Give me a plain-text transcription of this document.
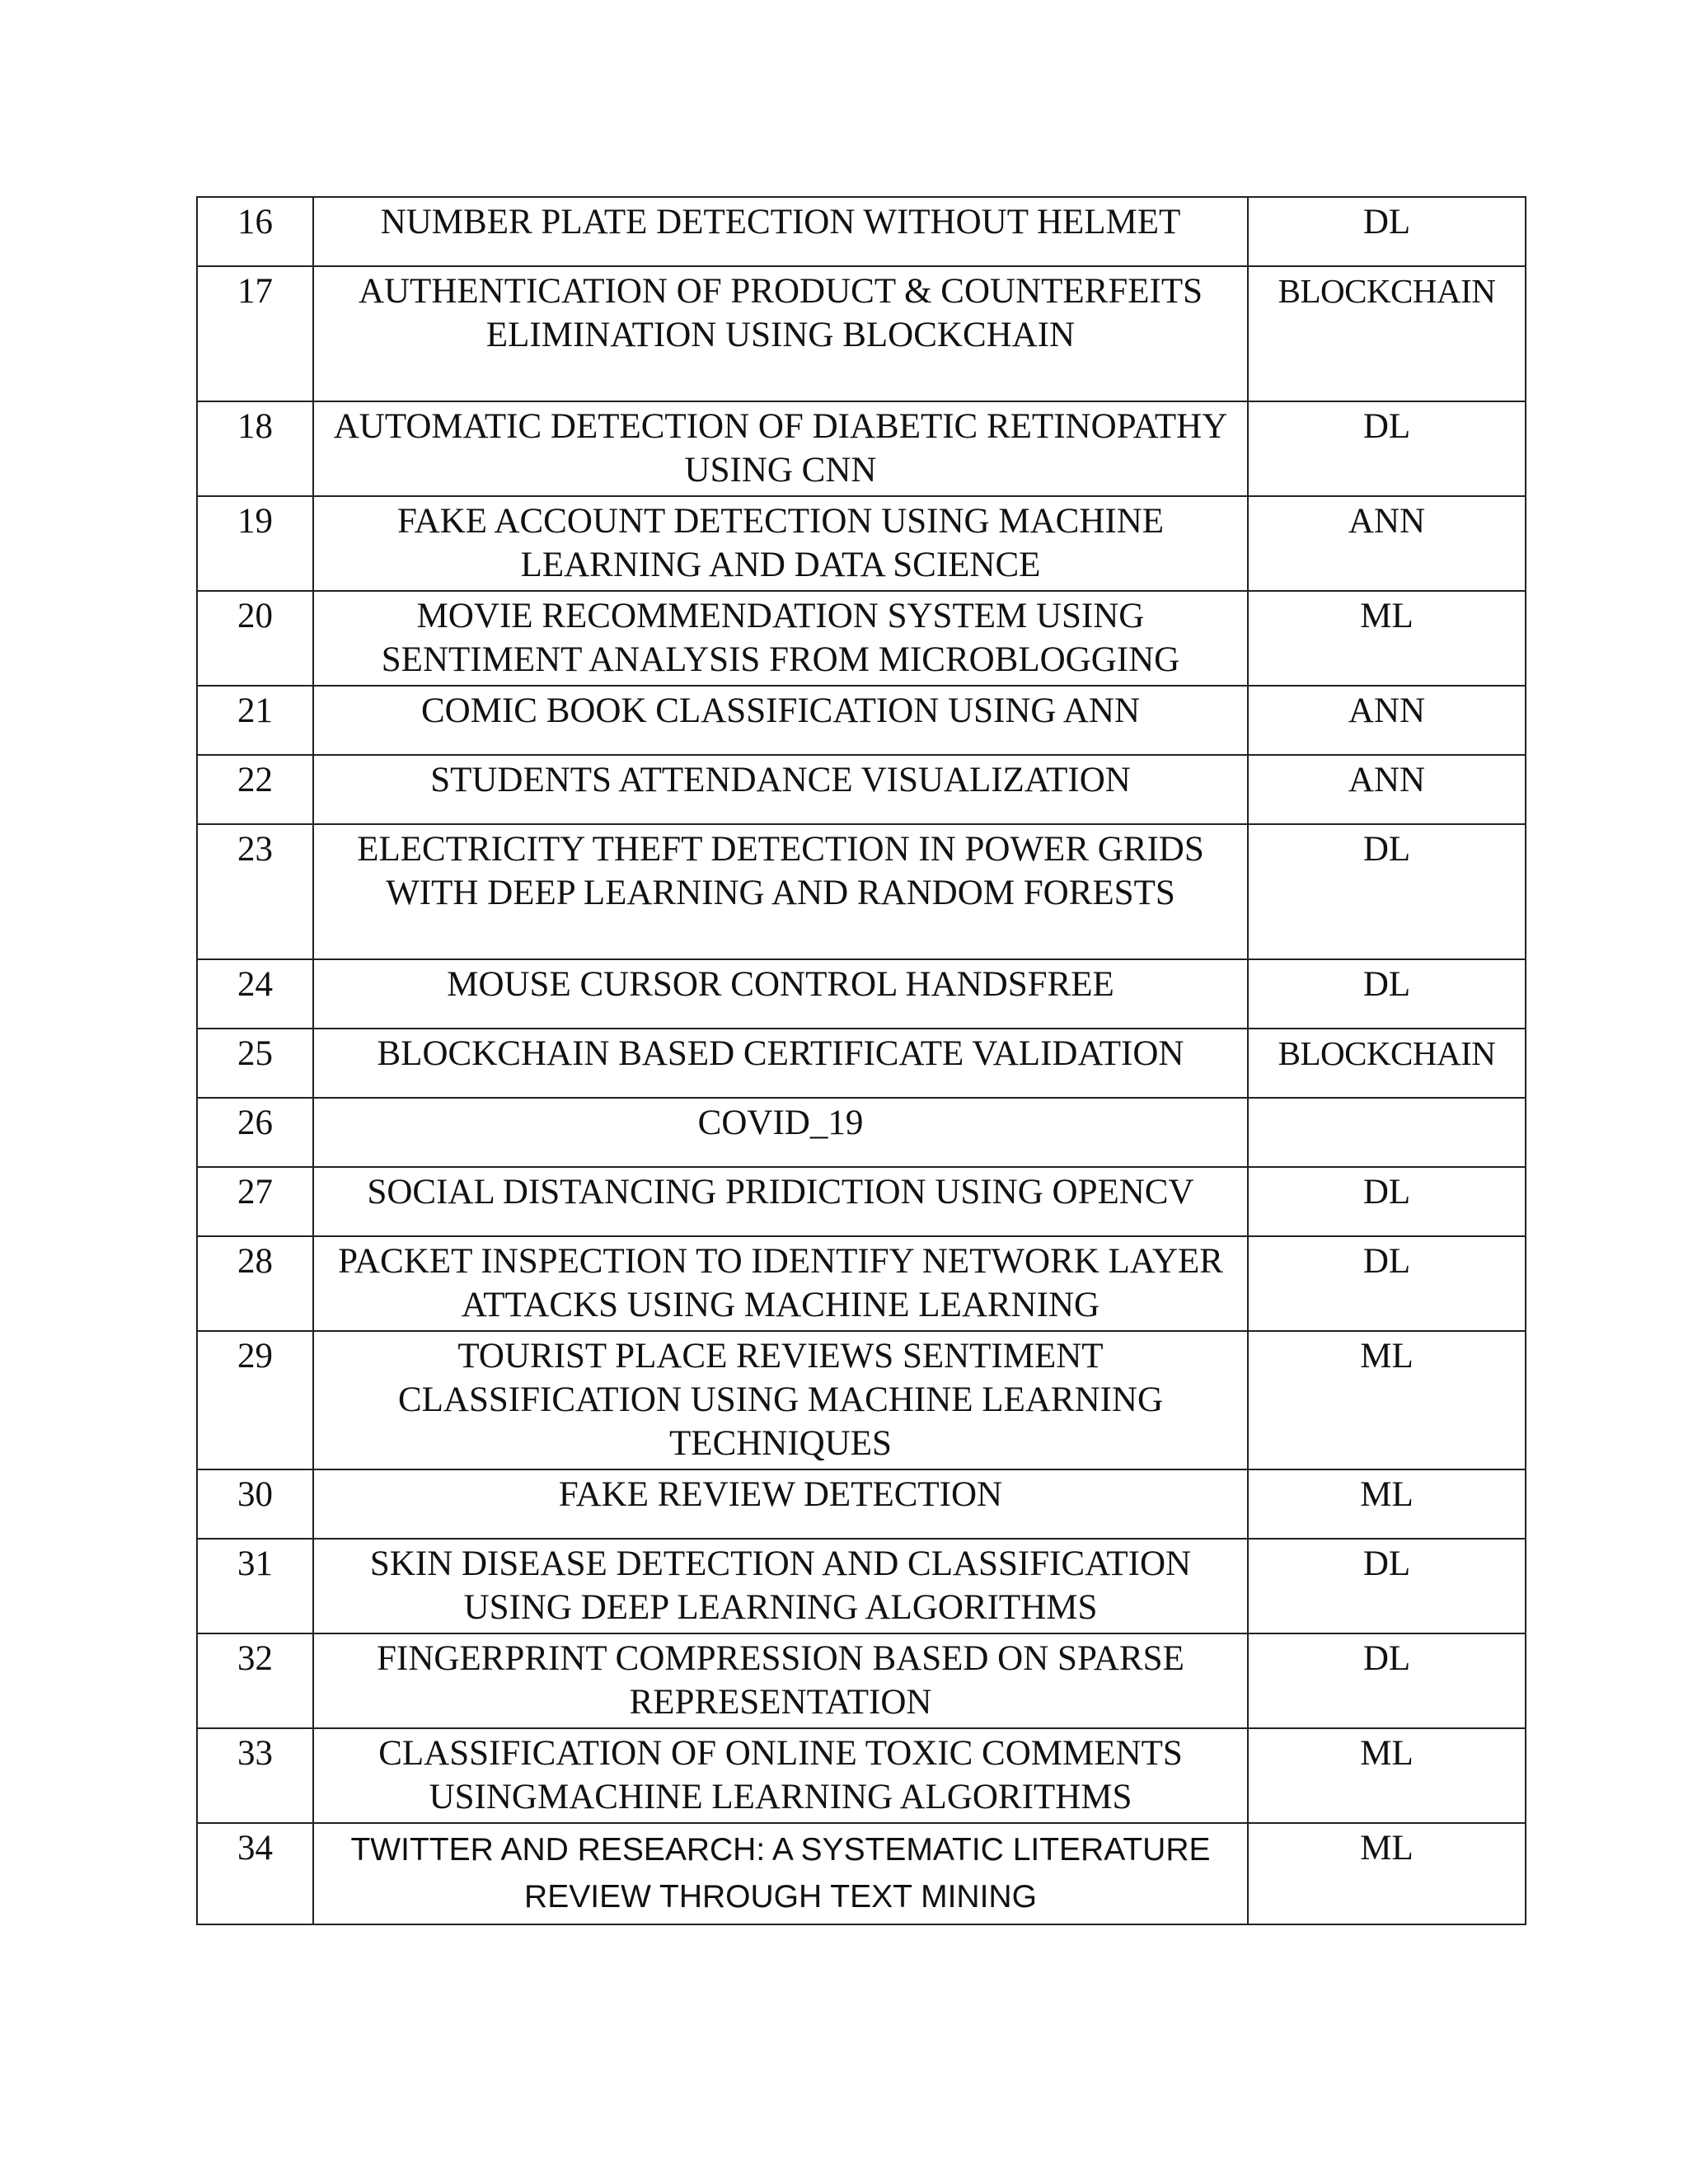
16	NUMBER PLATE DETECTION WITHOUT HELMET	DL
17	AUTHENTICATION OF PRODUCT & COUNTERFEITS ELIMINATION USING BLOCKCHAIN	BLOCKCHAIN
18	AUTOMATIC DETECTION OF DIABETIC RETINOPATHY USING CNN	DL
19	FAKE ACCOUNT DETECTION USING MACHINE LEARNING AND DATA SCIENCE	ANN
20	MOVIE RECOMMENDATION SYSTEM USING SENTIMENT ANALYSIS FROM MICROBLOGGING	ML
21	COMIC BOOK CLASSIFICATION USING ANN	ANN
22	STUDENTS ATTENDANCE VISUALIZATION	ANN
23	ELECTRICITY THEFT DETECTION IN POWER GRIDS WITH DEEP LEARNING AND RANDOM FORESTS	DL
24	MOUSE CURSOR CONTROL HANDSFREE	DL
25	BLOCKCHAIN BASED CERTIFICATE VALIDATION	BLOCKCHAIN
26	COVID_19	
27	SOCIAL DISTANCING PRIDICTION USING OPENCV	DL
28	PACKET INSPECTION TO IDENTIFY NETWORK LAYER ATTACKS USING MACHINE LEARNING	DL
29	TOURIST PLACE REVIEWS SENTIMENT CLASSIFICATION USING MACHINE LEARNING TECHNIQUES	ML
30	FAKE REVIEW DETECTION	ML
31	SKIN DISEASE DETECTION AND CLASSIFICATION USING DEEP LEARNING ALGORITHMS	DL
32	FINGERPRINT COMPRESSION BASED ON SPARSE REPRESENTATION	DL
33	CLASSIFICATION OF ONLINE TOXIC COMMENTS USINGMACHINE LEARNING ALGORITHMS	ML
34	TWITTER AND RESEARCH: A SYSTEMATIC LITERATURE REVIEW THROUGH TEXT MINING	ML
